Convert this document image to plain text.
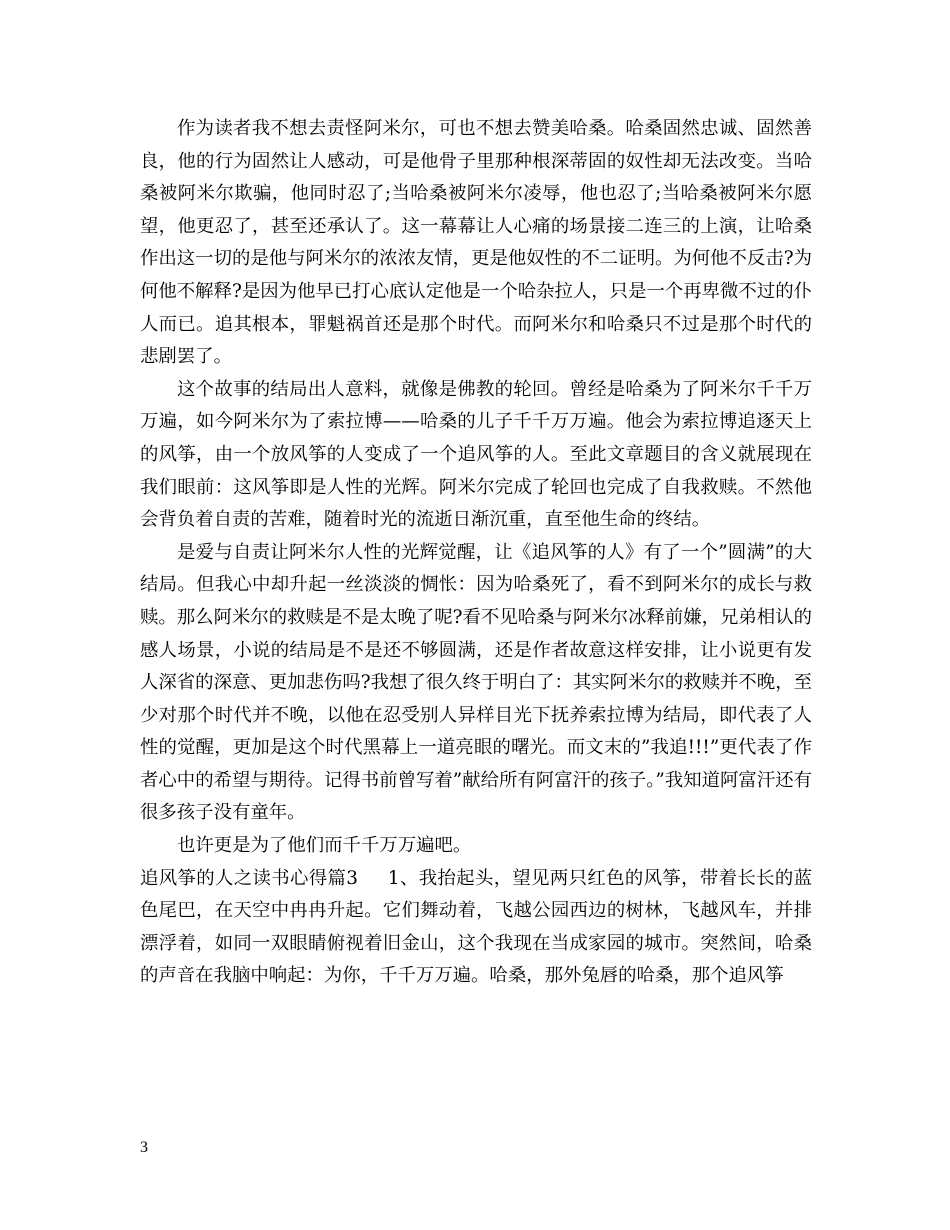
作为读者我不想去责怪阿米尔，可也不想去赞美哈桑。哈桑固然忠诚、固然善良，他的行为固然让人感动，可是他骨子里那种根深蒂固的奴性却无法改变。当哈桑被阿米尔欺骗，他同时忍了;当哈桑被阿米尔凌辱，他也忍了;当哈桑被阿米尔愿望，他更忍了，甚至还承认了。这一幕幕让人心痛的场景接二连三的上演，让哈桑作出这一切的是他与阿米尔的浓浓友情，更是他奴性的不二证明。为何他不反击?为何他不解释?是因为他早已打心底认定他是一个哈杂拉人，只是一个再卑微不过的仆人而已。追其根本，罪魁祸首还是那个时代。而阿米尔和哈桑只不过是那个时代的悲剧罢了。

这个故事的结局出人意料，就像是佛教的轮回。曾经是哈桑为了阿米尔千千万万遍，如今阿米尔为了索拉博——哈桑的儿子千千万万遍。他会为索拉博追逐天上的风筝，由一个放风筝的人变成了一个追风筝的人。至此文章题目的含义就展现在我们眼前：这风筝即是人性的光辉。阿米尔完成了轮回也完成了自我救赎。不然他会背负着自责的苦难，随着时光的流逝日渐沉重，直至他生命的终结。

是爱与自责让阿米尔人性的光辉觉醒，让《追风筝的人》有了一个”圆满”的大结局。但我心中却升起一丝淡淡的惆怅：因为哈桑死了，看不到阿米尔的成长与救赎。那么阿米尔的救赎是不是太晚了呢?看不见哈桑与阿米尔冰释前嫌，兄弟相认的感人场景，小说的结局是不是还不够圆满，还是作者故意这样安排，让小说更有发人深省的深意、更加悲伤吗?我想了很久终于明白了：其实阿米尔的救赎并不晚，至少对那个时代并不晚，以他在忍受别人异样目光下抚养索拉博为结局，即代表了人性的觉醒，更加是这个时代黑幕上一道亮眼的曙光。而文末的”我追!!!”更代表了作者心中的希望与期待。记得书前曾写着”献给所有阿富汗的孩子。”我知道阿富汗还有很多孩子没有童年。

也许更是为了他们而千千万万遍吧。

追风筝的人之读书心得篇3 1、我抬起头，望见两只红色的风筝，带着长长的蓝色尾巴，在天空中冉冉升起。它们舞动着，飞越公园西边的树林，飞越风车，并排漂浮着，如同一双眼睛俯视着旧金山，这个我现在当成家园的城市。突然间，哈桑的声音在我脑中响起：为你，千千万万遍。哈桑，那外兔唇的哈桑，那个追风筝

3
